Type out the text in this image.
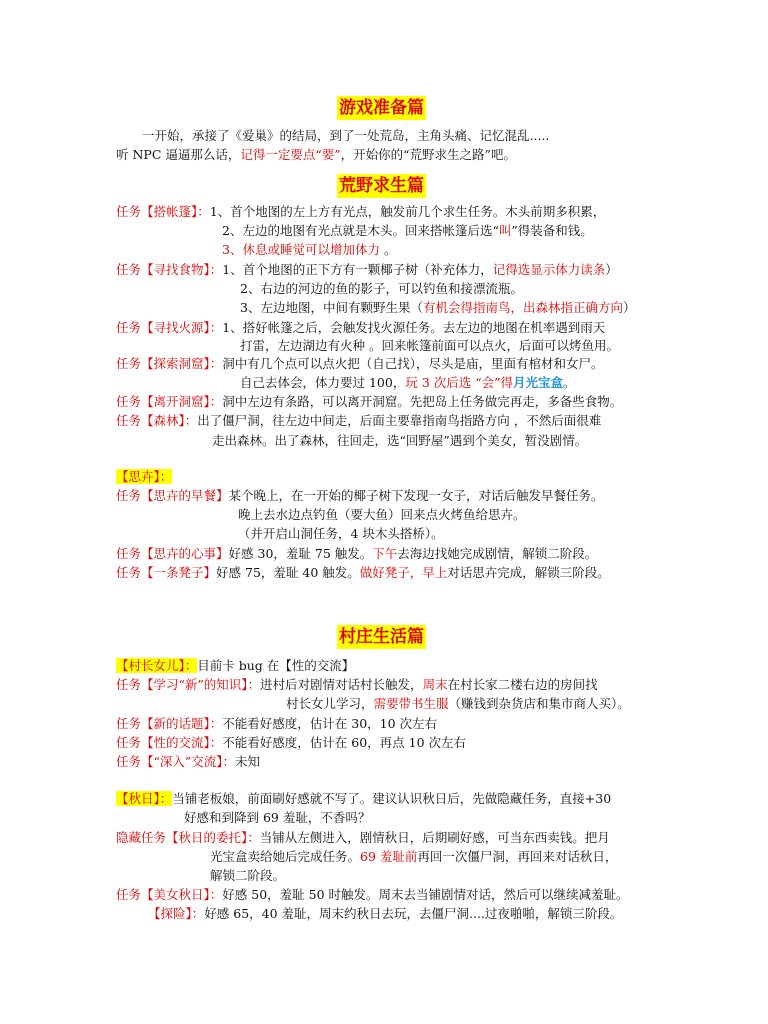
游戏准备篇
一开始，承接了《爱巢》的结局，到了一处荒岛，主角头痛、记忆混乱.....
听 NPC 逼逼那么话，记得一定要点“要”，开始你的“荒野求生之路”吧。
荒野求生篇
任务【搭帐篷】：1、首个地图的左上方有光点，触发前几个求生任务。木头前期多积累，
2、左边的地图有光点就是木头。回来搭帐篷后选“叫”得装备和钱。
3、休息或睡觉可以增加体力 。
任务【寻找食物】：1、首个地图的正下方有一颗椰子树（补充体力，记得选显示体力读条）
2、右边的河边的鱼的影子，可以钓鱼和接漂流瓶。
3、左边地图，中间有颗野生果（有机会得指南鸟，出森林指正确方向）
任务【寻找火源】：1、搭好帐篷之后，会触发找火源任务。去左边的地图在机率遇到雨天
打雷，左边湖边有火种 。回来帐篷前面可以点火，后面可以烤鱼用。
任务【探索洞窟】：洞中有几个点可以点火把（自己找），尽头是庙，里面有棺材和女尸。
自己去体会，体力要过 100，玩 3 次后选 “会”得月光宝盒。
任务【离开洞窟】：洞中左边有条路，可以离开洞窟。先把岛上任务做完再走，多备些食物。
任务【森林】：出了僵尸洞，往左边中间走，后面主要靠指南鸟指路方向 ，不然后面很难
走出森林。出了森林，往回走，选“回野屋”遇到个美女，暂没剧情。
【思卉】：
任务【思卉的早餐】某个晚上，在一开始的椰子树下发现一女子，对话后触发早餐任务。
晚上去水边点钓鱼（要大鱼）回来点火烤鱼给思卉。
（并开启山洞任务，4 块木头搭桥）。
任务【思卉的心事】好感 30，羞耻 75 触发。下午去海边找她完成剧情，解锁二阶段。
任务【一条凳子】好感 75，羞耻 40 触发。做好凳子，早上对话思卉完成，解锁三阶段。
村庄生活篇
【村长女儿】：目前卡 bug 在【性的交流】
任务【学习“新”的知识】：进村后对剧情对话村长触发，周末在村长家二楼右边的房间找
村长女儿学习，需要带书生服（赚钱到杂货店和集市商人买）。
任务【新的话题】：不能看好感度，估计在 30，10 次左右
任务【性的交流】：不能看好感度，估计在 60，再点 10 次左右
任务【“深入”交流】：未知
【秋日】：当铺老板娘，前面刷好感就不写了。建议认识秋日后，先做隐藏任务，直接+30
好感和到降到 69 羞耻，不香吗？
隐藏任务【秋日的委托】：当铺从左侧进入，剧情秋日，后期刷好感，可当东西卖钱。把月
光宝盒卖给她后完成任务。69 羞耻前再回一次僵尸洞，再回来对话秋日，
解锁二阶段。
任务【美女秋日】：好感 50，羞耻 50 时触发。周末去当铺剧情对话，然后可以继续减羞耻。
【探险】：好感 65，40 羞耻，周末约秋日去玩，去僵尸洞....过夜啪啪，解锁三阶段。
